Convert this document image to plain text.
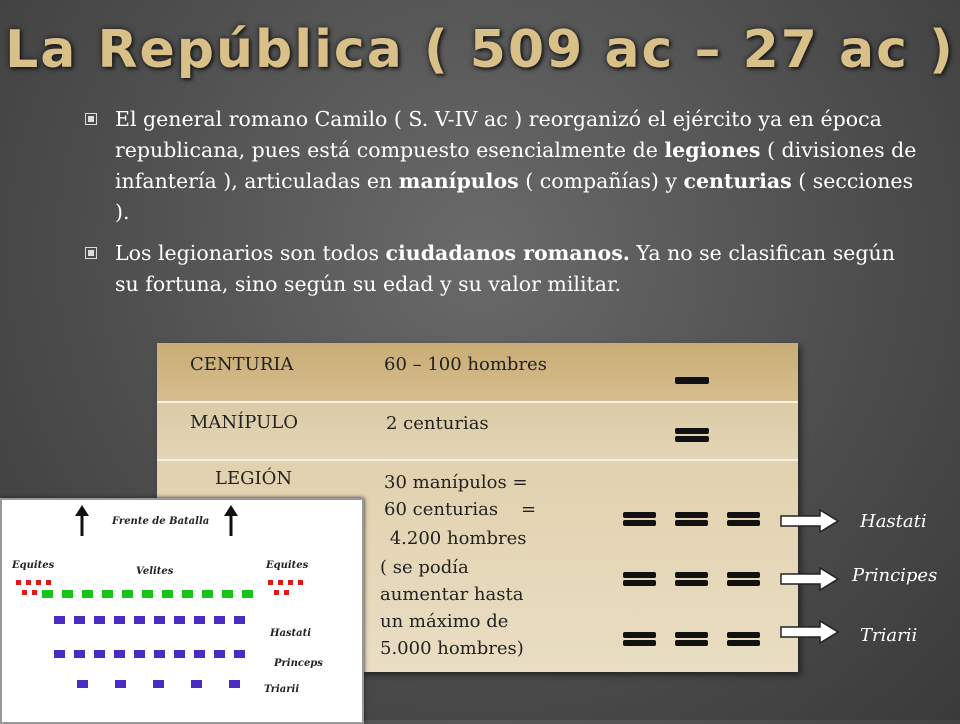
La República ( 509 ac – 27 ac )
El general romano Camilo ( S. V-IV ac ) reorganizó el ejército ya en época republicana, pues está compuesto esencialmente de legiones ( divisiones de infantería ), articuladas en manípulos ( compañías) y centurias ( secciones ).
Los legionarios son todos ciudadanos romanos. Ya no se clasifican según su fortuna, sino según su edad y su valor militar.
CENTURIA	60 – 100 hombres
MANÍPULO	2 centurias
LEGIÓN	30 manípulos =
60 centurias    =
4.200 hombres
( se podía
aumentar hasta
un máximo de
5.000 hombres)
Hastati
Principes
Triarii
Frente de Batalla
Equites	Equites
Velites
Hastati
Princeps
Triarii
